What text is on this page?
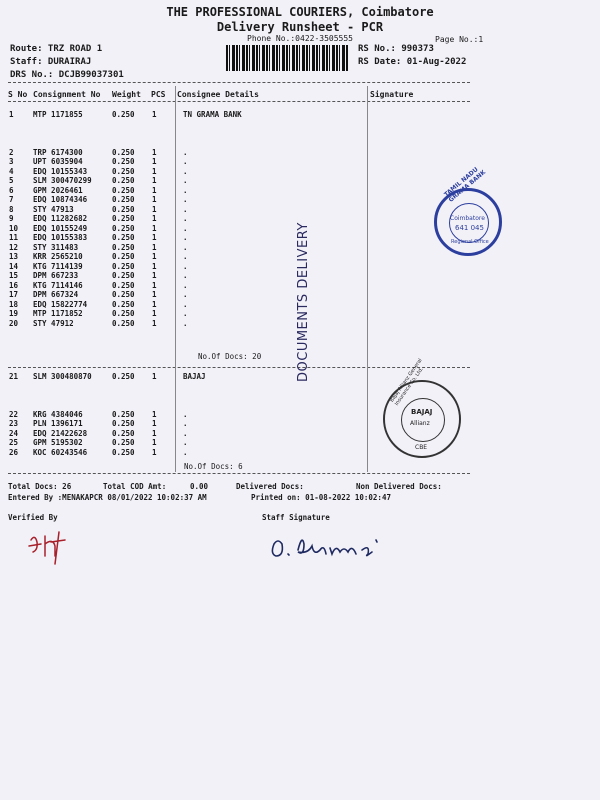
THE PROFESSIONAL COURIERS, Coimbatore
Delivery Runsheet - PCR
Phone No.:0422-3505555	Page No.:1
Route: TRZ ROAD 1
Staff: DURAIRAJ
DRS No.: DCJB99037301
RS No.: 990373
RS Date: 01-Aug-2022
S No Consignment No Weight PCS Consignee Details	Signature
1	MTP 1171855	0.250 1	TN GRAMA BANK
2	TRP 6174300	0.250 1	.
3	UPT 6035904	0.250 1	.
4	EDQ 10155343	0.250 1	.
5	SLM 300470299	0.250 1	.
6	GPM 2026461	0.250 1	.
7	EDQ 10874346	0.250 1	.
8	STY 47913	0.250 1	.
9	EDQ 11282682	0.250 1	.
10 EDQ 10155249	0.250 1	.
11 EDQ 10155383	0.250 1	.
12 STY 311483	0.250 1	.
13 KRR 2565210	0.250 1	.
14 KTG 7114139	0.250 1	.
15 DPM 667233	0.250 1	.
16 KTG 7114146	0.250 1	.
17 DPM 667324	0.250 1	.
18 EDQ 15822774	0.250 1	.
19 MTP 1171852	0.250 1	.
20 STY 47912	0.250 1	.
21 SLM 300480870	0.250 1	BAJAJ
22 KRG 4384046	0.250 1	.
23 PLN 1396171	0.250 1	.
24 EDQ 21422628	0.250 1	.
25 GPM 5195302	0.250 1	.
26 KOC 60243546	0.250 1	.
No.Of Docs: 20
No.Of Docs: 6
DOCUMENTS DELIVERY
TAMIL NADU GRAMA BANK
Coimbatore
641 045
Regional Office
Bajaj Allianz General Insurance Co. Ltd.
BAJAJ
Allianz
CBE
Total Docs: 26	Total COD Amt:	0.00	Delivered Docs:	Non Delivered Docs:
Entered By :MENAKAPCR 08/01/2022 10:02:37 AM	Printed on: 01-08-2022 10:02:47
Verified By	Staff Signature
